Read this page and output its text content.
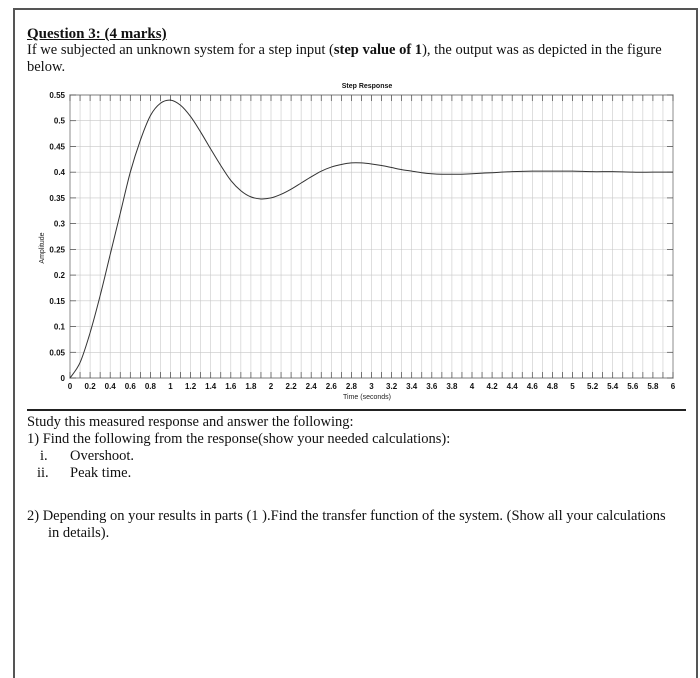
Question 3: (4 marks)
If we subjected an unknown system for a step input (step value of 1), the output was as depicted in the figure below.
0
0.05
0.1
0.15
0.2
0.25
0.3
0.35
0.4
0.45
0.5
0.55
0 0.2 0.4 0.6 0.8 1 1.2 1.4 1.6 1.8 2 2.2 2.4 2.6 2.8 3 3.2 3.4 3.6 3.8 4 4.2 4.4 4.6 4.8 5 5.2 5.4 5.6 5.8 6
Step Response
Time (seconds)
Amplitude
Study this measured response and answer the following:
1) Find the following from the response(show your needed calculations):
i. Overshoot.
ii. Peak time.
2) Depending on your results in parts (1 ).Find the transfer function of the system. (Show all your calculations
in details).
